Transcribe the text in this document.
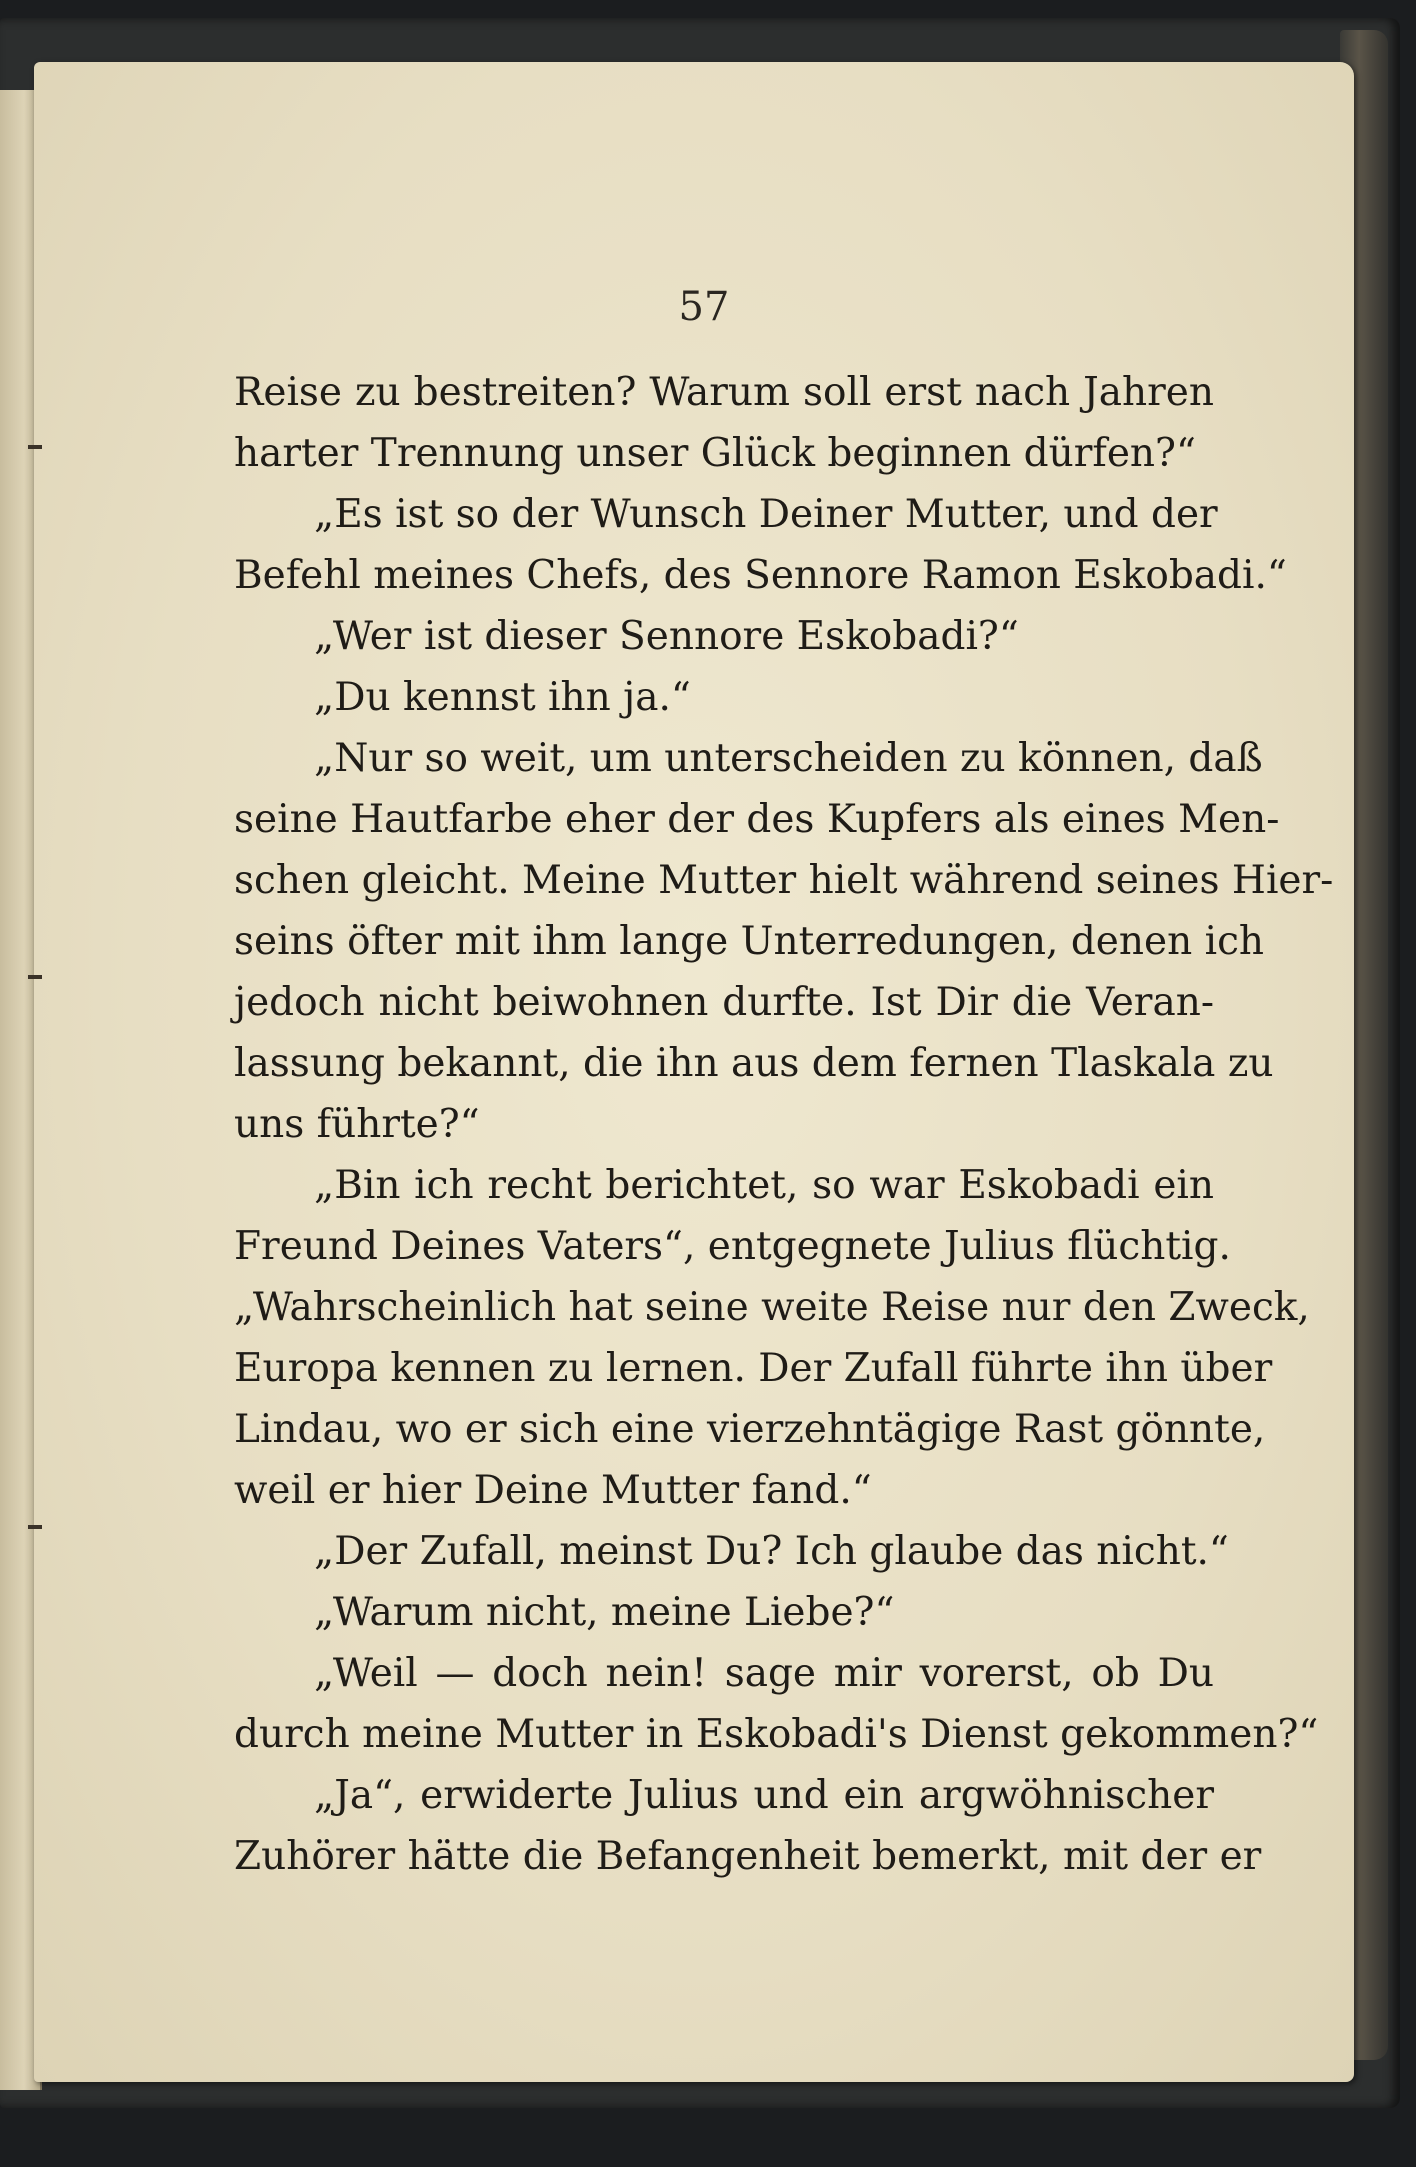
57
Reise zu bestreiten? Warum soll erst nach Jahren
harter Trennung unser Glück beginnen dürfen?“
„Es ist so der Wunsch Deiner Mutter, und der
Befehl meines Chefs, des Sennore Ramon Eskobadi.“
„Wer ist dieser Sennore Eskobadi?“
„Du kennst ihn ja.“
„Nur so weit, um unterscheiden zu können, daß
seine Hautfarbe eher der des Kupfers als eines Men-
schen gleicht. Meine Mutter hielt während seines Hier-
seins öfter mit ihm lange Unterredungen, denen ich
jedoch nicht beiwohnen durfte. Ist Dir die Veran-
lassung bekannt, die ihn aus dem fernen Tlaskala zu
uns führte?“
„Bin ich recht berichtet, so war Eskobadi ein
Freund Deines Vaters“, entgegnete Julius flüchtig.
„Wahrscheinlich hat seine weite Reise nur den Zweck,
Europa kennen zu lernen. Der Zufall führte ihn über
Lindau, wo er sich eine vierzehntägige Rast gönnte,
weil er hier Deine Mutter fand.“
„Der Zufall, meinst Du? Ich glaube das nicht.“
„Warum nicht, meine Liebe?“
„Weil — doch nein! sage mir vorerst, ob Du
durch meine Mutter in Eskobadi's Dienst gekommen?“
„Ja“, erwiderte Julius und ein argwöhnischer
Zuhörer hätte die Befangenheit bemerkt, mit der er
